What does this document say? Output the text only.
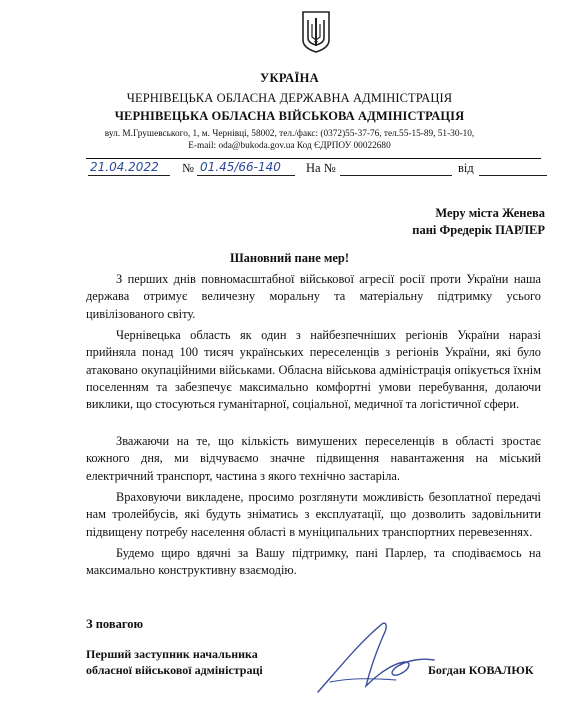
УКРАЇНА
ЧЕРНІВЕЦЬКА ОБЛАСНА ДЕРЖАВНА АДМІНІСТРАЦІЯ
ЧЕРНІВЕЦЬКА ОБЛАСНА ВІЙСЬКОВА АДМІНІСТРАЦІЯ
вул. М.Грушевського, 1, м. Чернівці, 58002, тел./факс: (0372)55-37-76, тел.55-15-89, 51-30-10,
E-mail: oda@bukoda.gov.ua Код ЄДРПОУ 00022680
21.04.2022 № 01.45/66-140 На №	від
Меру міста Женева
пані Фредерік ПАРЛЕР
Шановний пане мер!
З перших днів повномасштабної військової агресії росії проти України наша держава отримує величезну моральну та матеріальну підтримку усього цивілізованого світу.
Чернівецька область як один з найбезпечніших регіонів України наразі прийняла понад 100 тисяч українських переселенців з регіонів України, які було атаковано окупаційними військами. Обласна військова адміністрація опікується їхнім поселенням та забезпечує максимально комфортні умови перебування, долаючи виклики, що стосуються гуманітарної, соціальної, медичної та логістичної сфери.
Зважаючи на те, що кількість вимушених переселенців в області зростає кожного дня, ми відчуваємо значне підвищення навантаження на міський електричний транспорт, частина з якого технічно застаріла.
Враховуючи викладене, просимо розглянути можливість безоплатної передачі нам тролейбусів, які будуть зніматись з експлуатації, що дозволить задовільнити підвищену потребу населення області в муніципальних транспортних перевезеннях.
Будемо щиро вдячні за Вашу підтримку, пані Парлер, та сподіваємось на максимально конструктивну взаємодію.
З повагою
Перший заступник начальника
обласної військової адміністраці	Богдан КОВАЛЮК
